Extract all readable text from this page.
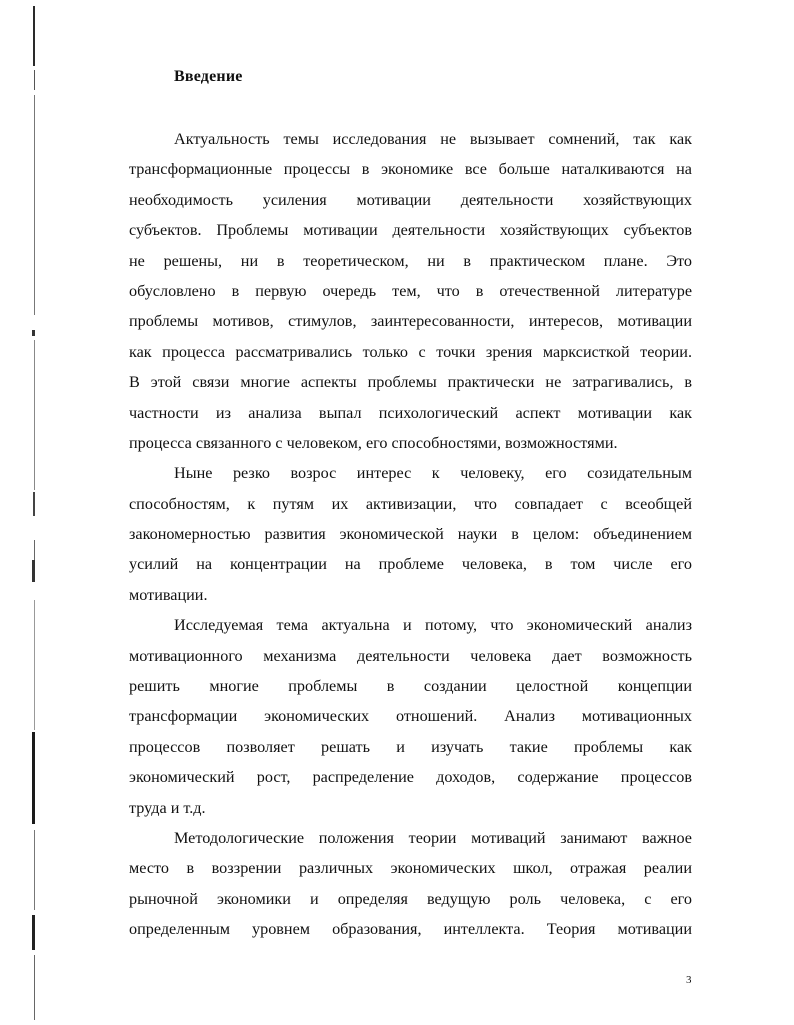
Введение
Актуальность темы исследования не вызывает сомнений, так как
трансформационные процессы в экономике все больше наталкиваются на
необходимость усиления мотивации деятельности хозяйствующих
субъектов. Проблемы мотивации деятельности хозяйствующих субъектов
не решены, ни в теоретическом, ни в практическом плане. Это
обусловлено в первую очередь тем, что в отечественной литературе
проблемы мотивов, стимулов, заинтересованности, интересов, мотивации
как процесса рассматривались только с точки зрения марксисткой теории.
В этой связи многие аспекты проблемы практически не затрагивались, в
частности из анализа выпал психологический аспект мотивации как
процесса связанного с человеком, его способностями, возможностями.
Ныне резко возрос интерес к человеку, его созидательным
способностям, к путям их активизации, что совпадает с всеобщей
закономерностью развития экономической науки в целом: объединением
усилий на концентрации на проблеме человека, в том числе его
мотивации.
Исследуемая тема актуальна и потому, что экономический анализ
мотивационного механизма деятельности человека дает возможность
решить многие проблемы в создании целостной концепции
трансформации экономических отношений. Анализ мотивационных
процессов позволяет решать и изучать такие проблемы как
экономический рост, распределение доходов, содержание процессов
труда и т.д.
Методологические положения теории мотиваций занимают важное
место в воззрении различных экономических школ, отражая реалии
рыночной экономики и определяя ведущую роль человека, с его
определенным уровнем образования, интеллекта. Теория мотивации
3
